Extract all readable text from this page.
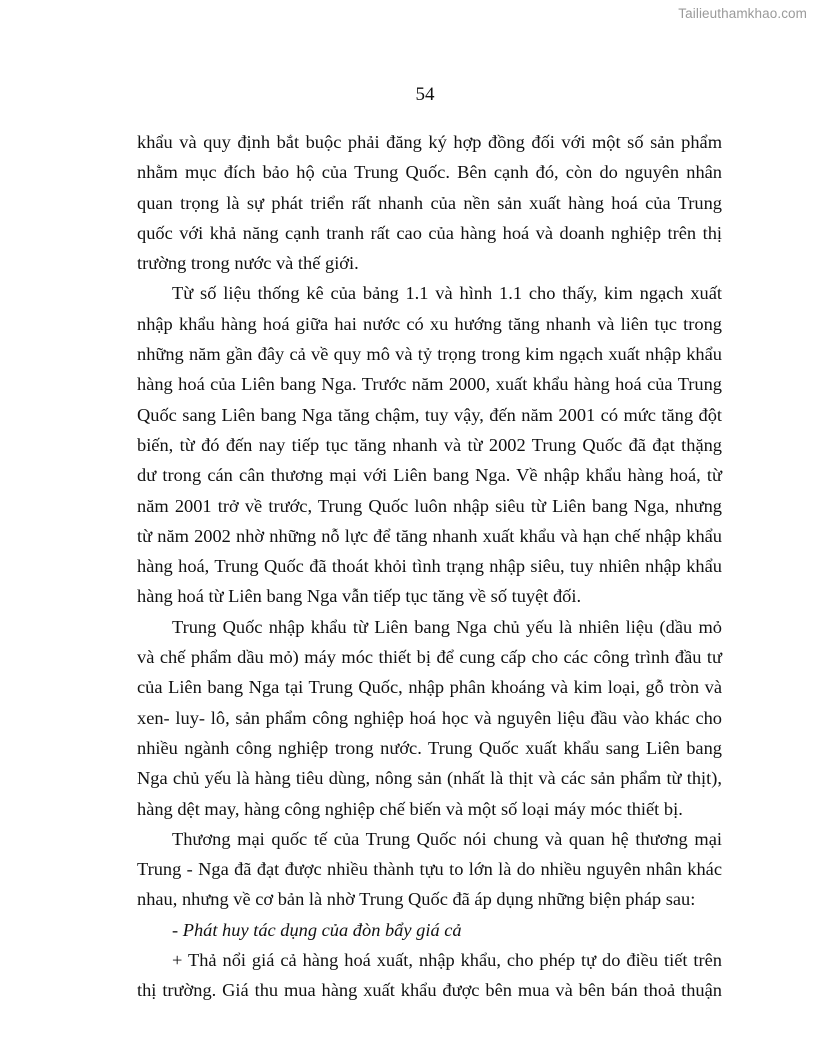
Tailieuthamkhao.com
54
khẩu và quy định bắt buộc phải đăng ký hợp đồng đối với một số sản phẩm
nhằm mục đích bảo hộ của Trung Quốc. Bên cạnh đó, còn do nguyên nhân
quan trọng là sự phát triển rất nhanh của nền sản xuất hàng hoá của Trung
quốc với khả năng cạnh tranh rất cao của hàng hoá và doanh nghiệp trên thị
trường trong nước và thế giới.
Từ số liệu thống kê của bảng 1.1 và hình 1.1 cho thấy, kim ngạch xuất
nhập khẩu hàng hoá giữa hai nước có xu hướng tăng nhanh và liên tục trong
những năm gần đây cả về quy mô và tỷ trọng trong kim ngạch xuất nhập khẩu
hàng hoá của Liên bang Nga. Trước năm 2000, xuất khẩu hàng hoá của Trung
Quốc sang Liên bang Nga tăng chậm, tuy vậy, đến năm 2001 có mức tăng đột
biến, từ đó đến nay tiếp tục tăng nhanh và từ 2002 Trung Quốc đã đạt thặng
dư trong cán cân thương mại với Liên bang Nga. Về nhập khẩu hàng hoá, từ
năm 2001 trở về trước, Trung Quốc luôn nhập siêu từ Liên bang Nga, nhưng
từ năm 2002 nhờ những nỗ lực để tăng nhanh xuất khẩu và hạn chế nhập khẩu
hàng hoá, Trung Quốc đã thoát khỏi tình trạng nhập siêu, tuy nhiên nhập khẩu
hàng hoá từ Liên bang Nga vẫn tiếp tục tăng về số tuyệt đối.
Trung Quốc nhập khẩu từ Liên bang Nga chủ yếu là nhiên liệu (dầu mỏ
và chế phẩm dầu mỏ) máy móc thiết bị để cung cấp cho các công trình đầu tư
của Liên bang Nga tại Trung Quốc, nhập phân khoáng và kim loại, gỗ tròn và
xen- luy- lô, sản phẩm công nghiệp hoá học và nguyên liệu đầu vào khác cho
nhiều ngành công nghiệp trong nước. Trung Quốc xuất khẩu sang Liên bang
Nga chủ yếu là hàng tiêu dùng, nông sản (nhất là thịt và các sản phẩm từ thịt),
hàng dệt may, hàng công nghiệp chế biến và một số loại máy móc thiết bị.
Thương mại quốc tế của Trung Quốc nói chung và quan hệ thương mại
Trung - Nga đã đạt được nhiều thành tựu to lớn là do nhiều nguyên nhân khác
nhau, nhưng về cơ bản là nhờ Trung Quốc đã áp dụng những biện pháp sau:
- Phát huy tác dụng của đòn bẩy giá cả
+ Thả nổi giá cả hàng hoá xuất, nhập khẩu, cho phép tự do điều tiết trên
thị trường. Giá thu mua hàng xuất khẩu được bên mua và bên bán thoả thuận
